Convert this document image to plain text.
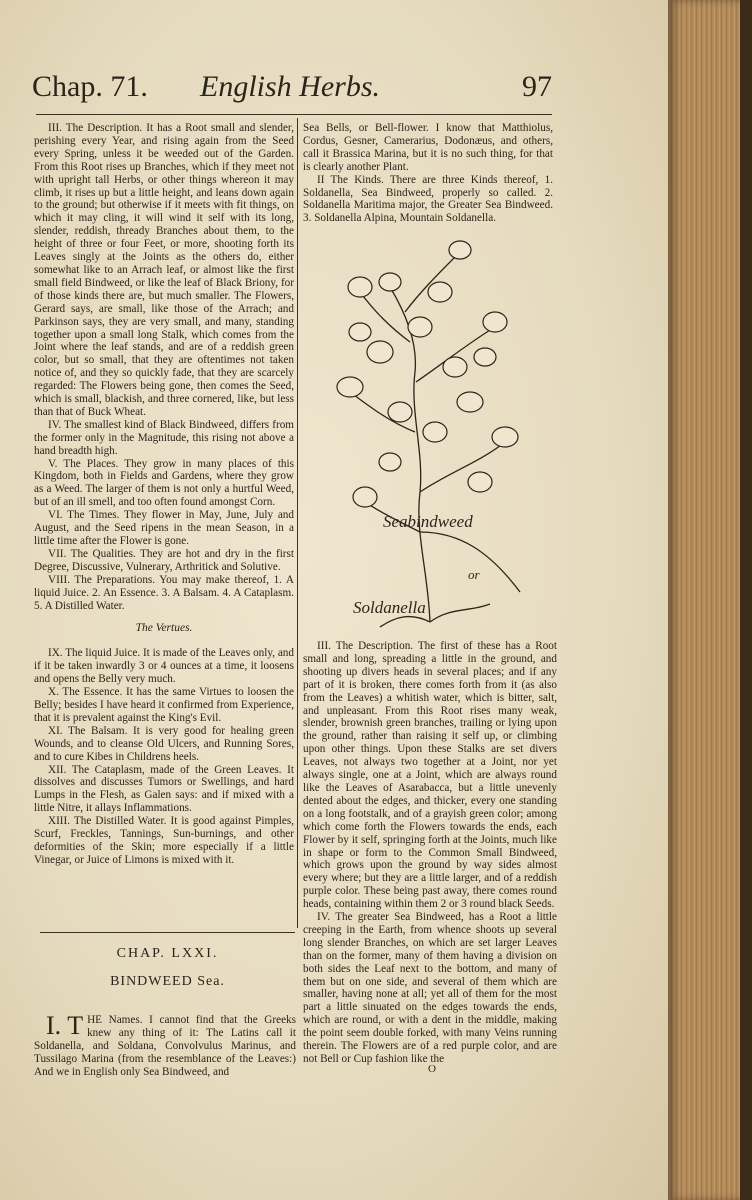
Chap. 71. English Herbs.	97

III. The Description. It has a Root small and slender, perishing every Year, and rising again from the Seed every Spring, unless it be weeded out of the Garden. From this Root rises up Branches, which if they meet not with upright tall Herbs, or other things whereon it may climb, it rises up but a little height, and leans down again to the ground; but otherwise if it meets with fit things, on which it may cling, it will wind it self with its long, slender, reddish, thready Branches about them, to the height of three or four Feet, or more, shooting forth its Leaves singly at the Joints as the others do, either somewhat like to an Arrach leaf, or almost like the first small field Bindweed, or like the leaf of Black Briony, for of those kinds there are, but much smaller. The Flowers, Gerard says, are small, like those of the Arrach; and Parkinson says, they are very small, and many, standing together upon a small long Stalk, which comes from the Joint where the leaf stands, and are of a reddish green color, but so small, that they are oftentimes not taken notice of, and they so quickly fade, that they are scarcely regarded: The Flowers being gone, then comes the Seed, which is small, blackish, and three cornered, like, but less than that of Buck Wheat.

IV. The smallest kind of Black Bindweed, differs from the former only in the Magnitude, this rising not above a hand breadth high.

V. The Places. They grow in many places of this Kingdom, both in Fields and Gardens, where they grow as a Weed. The larger of them is not only a hurtful Weed, but of an ill smell, and too often found amongst Corn.

VI. The Times. They flower in May, June, July and August, and the Seed ripens in the mean Season, in a little time after the Flower is gone.

VII. The Qualities. They are hot and dry in the first Degree, Discussive, Vulnerary, Arthritick and Solutive.

VIII. The Preparations. You may make thereof, 1. A liquid Juice. 2. An Essence. 3. A Balsam. 4. A Cataplasm. 5. A Distilled Water.

The Vertues.

IX. The liquid Juice. It is made of the Leaves only, and if it be taken inwardly 3 or 4 ounces at a time, it loosens and opens the Belly very much.

X. The Essence. It has the same Virtues to loosen the Belly; besides I have heard it confirmed from Experience, that it is prevalent against the King's Evil.

XI. The Balsam. It is very good for healing green Wounds, and to cleanse Old Ulcers, and Running Sores, and to cure Kibes in Childrens heels.

XII. The Cataplasm, made of the Green Leaves. It dissolves and discusses Tumors or Swellings, and hard Lumps in the Flesh, as Galen says: and if mixed with a little Nitre, it allays Inflammations.

XIII. The Distilled Water. It is good against Pimples, Scurf, Freckles, Tannings, Sun-burnings, and other deformities of the Skin; more especially if a little Vinegar, or Juice of Limons is mixed with it.

CHAP. LXXI.
BINDWEED Sea.
I. T HE Names. I cannot find that the Greeks knew any thing of it: The Latins call it Soldanella, and Soldana, Convolvulus Marinus, and Tussilago Marina (from the resemblance of the Leaves:) And we in English only Sea Bindweed, and

Sea Bells, or Bell-flower. I know that Matthiolus, Cordus, Gesner, Camerarius, Dodonæus, and others, call it Brassica Marina, but it is no such thing, for that is clearly another Plant.

II The Kinds. There are three Kinds thereof, 1. Soldanella, Sea Bindweed, properly so called. 2. Soldanella Maritima major, the Greater Sea Bindweed. 3. Soldanella Alpina, Mountain Soldanella.

Seabindweed
or
Soldanella

III. The Description. The first of these has a Root small and long, spreading a little in the ground, and shooting up divers heads in several places; and if any part of it is broken, there comes forth from it (as also from the Leaves) a whitish water, which is bitter, salt, and unpleasant. From this Root rises many weak, slender, brownish green branches, trailing or lying upon the ground, rather than raising it self up, or climbing upon other things. Upon these Stalks are set divers Leaves, not always two together at a Joint, nor yet always single, one at a Joint, which are always round like the Leaves of Asarabacca, but a little unevenly dented about the edges, and thicker, every one standing on a long footstalk, and of a grayish green color; among which come forth the Flowers towards the ends, each Flower by it self, springing forth at the Joints, much like in shape or form to the Common Small Bindweed, which grows upon the ground by way sides almost every where; but they are a little larger, and of a reddish purple color. These being past away, there comes round heads, containing within them 2 or 3 round black Seeds.

IV. The greater Sea Bindweed, has a Root a little creeping in the Earth, from whence shoots up several long slender Branches, on which are set larger Leaves than on the former, many of them having a division on both sides the Leaf next to the bottom, and many of them but on one side, and several of them which are smaller, having none at all; yet all of them for the most part a little sinuated on the edges towards the ends, which are round, or with a dent in the middle, making the point seem double forked, with many Veins running therein. The Flowers are of a red purple color, and are not Bell or Cup fashion like the

O
